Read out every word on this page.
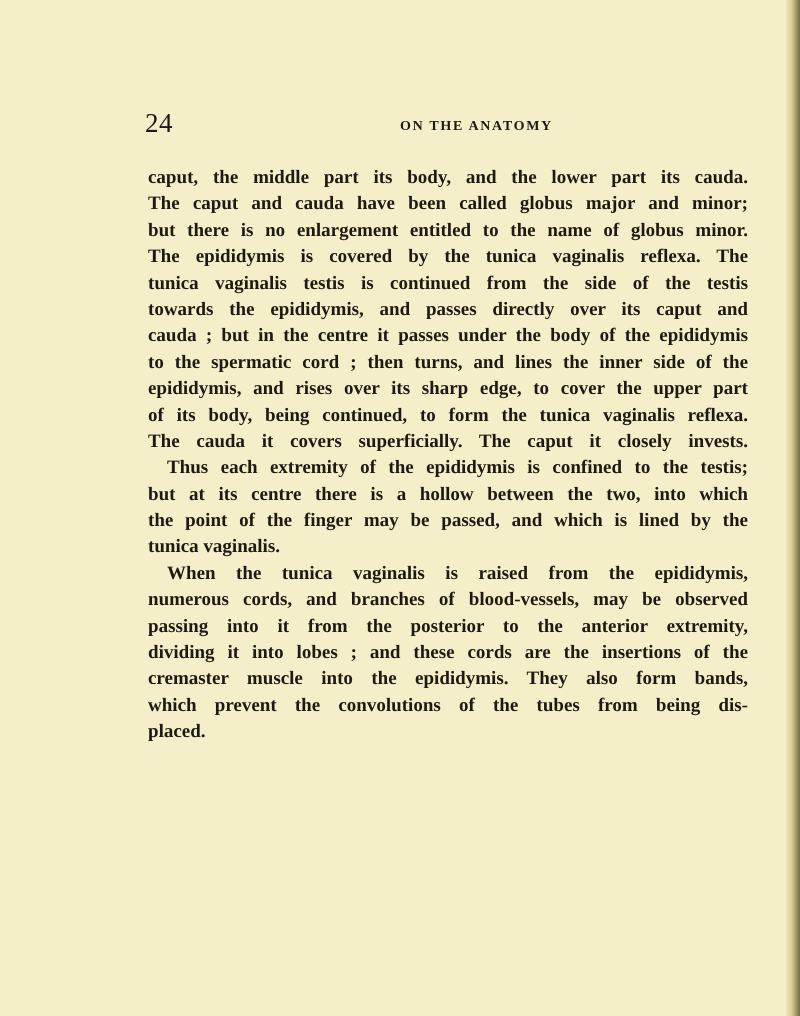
24	ON THE ANATOMY
caput, the middle part its body, and the lower part its cauda.
The caput and cauda have been called globus major and minor;
but there is no enlargement entitled to the name of globus minor.
The epididymis is covered by the tunica vaginalis reflexa. The
tunica vaginalis testis is continued from the side of the testis
towards the epididymis, and passes directly over its caput and
cauda ; but in the centre it passes under the body of the epididymis
to the spermatic cord ; then turns, and lines the inner side of the
epididymis, and rises over its sharp edge, to cover the upper part
of its body, being continued, to form the tunica vaginalis reflexa.
The cauda it covers superficially. The caput it closely invests.
Thus each extremity of the epididymis is confined to the testis;
but at its centre there is a hollow between the two, into which
the point of the finger may be passed, and which is lined by the
tunica vaginalis.
When the tunica vaginalis is raised from the epididymis,
numerous cords, and branches of blood-vessels, may be observed
passing into it from the posterior to the anterior extremity,
dividing it into lobes ; and these cords are the insertions of the
cremaster muscle into the epididymis. They also form bands,
which prevent the convolutions of the tubes from being dis-
placed.
